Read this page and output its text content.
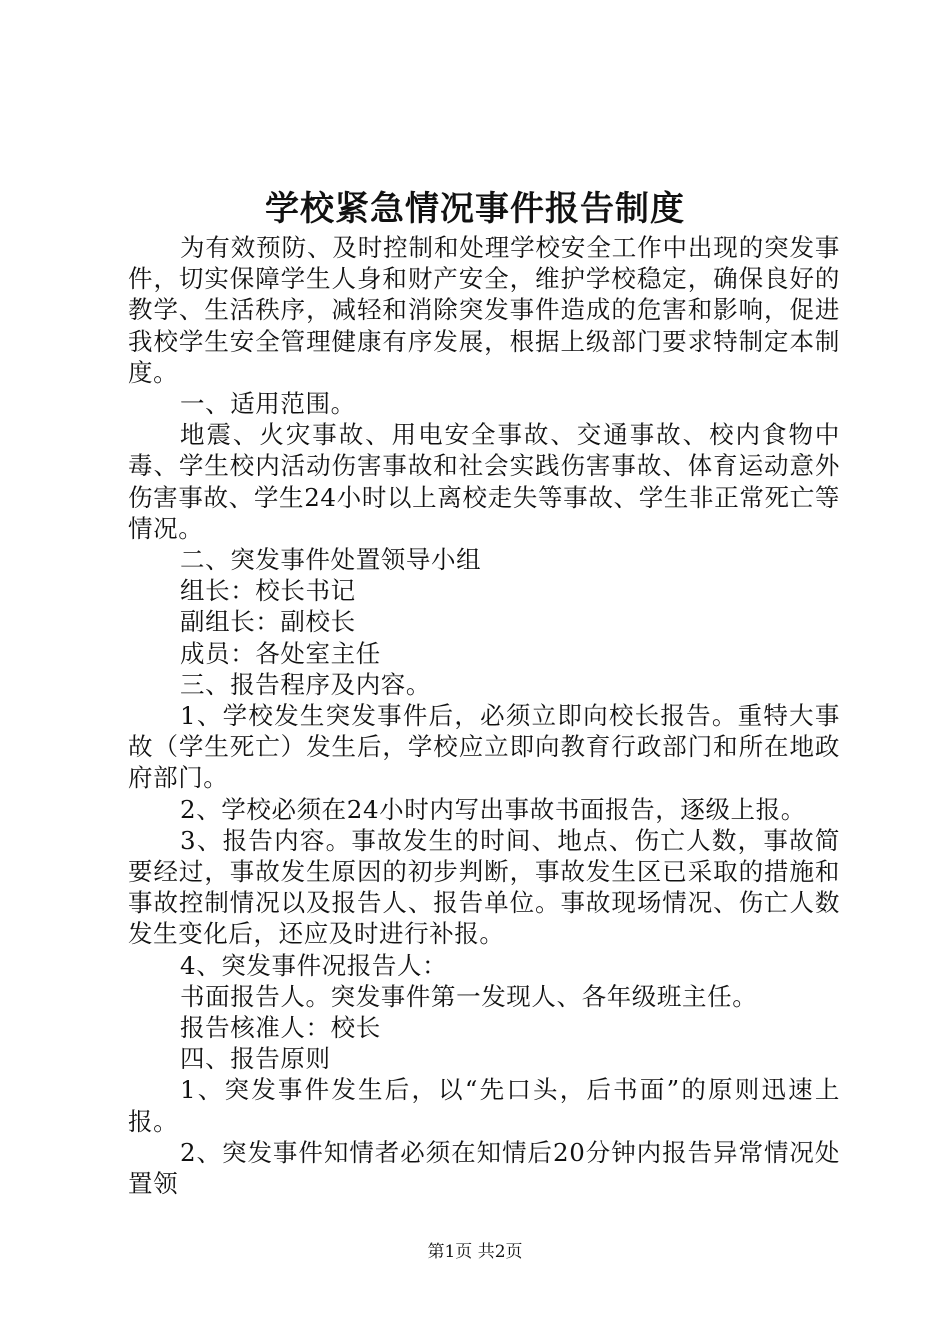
学校紧急情况事件报告制度

为有效预防、及时控制和处理学校安全工作中出现的突发事件，切实保障学生人身和财产安全，维护学校稳定，确保良好的教学、生活秩序，减轻和消除突发事件造成的危害和影响，促进我校学生安全管理健康有序发展，根据上级部门要求特制定本制度。

一、适用范围。

地震、火灾事故、用电安全事故、交通事故、校内食物中毒、学生校内活动伤害事故和社会实践伤害事故、体育运动意外伤害事故、学生24小时以上离校走失等事故、学生非正常死亡等情况。

二、突发事件处置领导小组

组长：校长书记

副组长：副校长

成员：各处室主任

三、报告程序及内容。

1、学校发生突发事件后，必须立即向校长报告。重特大事故（学生死亡）发生后，学校应立即向教育行政部门和所在地政府部门。

2、学校必须在24小时内写出事故书面报告，逐级上报。

3、报告内容。事故发生的时间、地点、伤亡人数，事故简要经过，事故发生原因的初步判断，事故发生区已采取的措施和事故控制情况以及报告人、报告单位。事故现场情况、伤亡人数发生变化后，还应及时进行补报。

4、突发事件况报告人：

书面报告人。突发事件第一发现人、各年级班主任。

报告核准人：校长

四、报告原则

1、突发事件发生后，以“先口头，后书面”的原则迅速上报。

2、突发事件知情者必须在知情后20分钟内报告异常情况处置领

第1页 共2页
